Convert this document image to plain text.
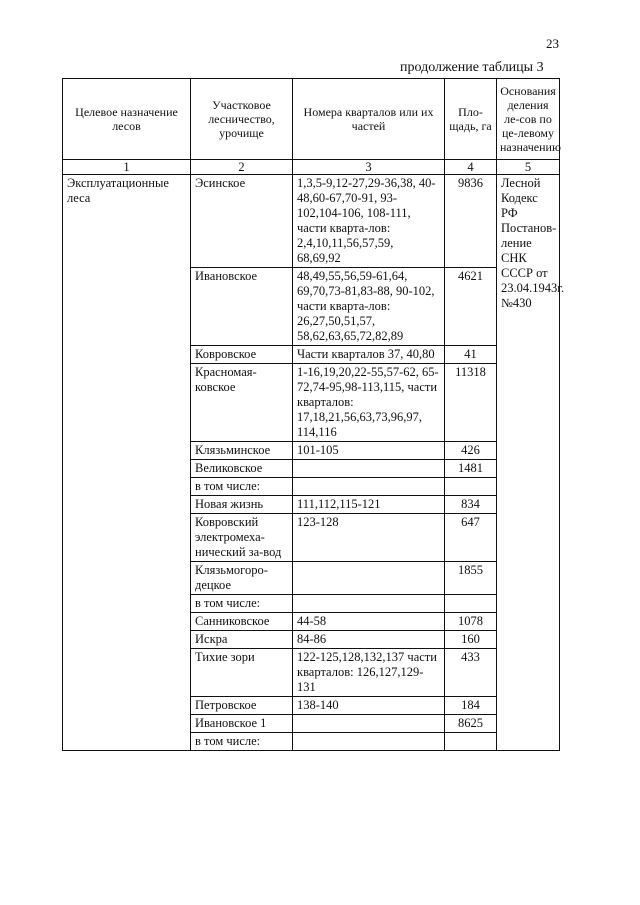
23
продолжение таблицы 3
Целевое назначение лесов	Участковое лесничество, урочище	Номера кварталов или их частей	Пло-щадь, га	Основания деления ле-сов по це-левому назначению
1	2	3	4	5
Эксплуатационные леса	Эсинское	1,3,5-9,12-27,29-36,38, 40-48,60-67,70-91, 93-102,104-106, 108-111, части кварта-лов: 2,4,10,11,56,57,59, 68,69,92	9836	Лесной Кодекс РФ Постанов-ление СНК СССР от 23.04.1943г. №430
	Ивановское	48,49,55,56,59-61,64, 69,70,73-81,83-88, 90-102, части кварта-лов: 26,27,50,51,57, 58,62,63,65,72,82,89	4621	
	Ковровское	Части кварталов 37, 40,80	41	
	Красномая-ковское	1-16,19,20,22-55,57-62, 65-72,74-95,98-113,115, части кварталов: 17,18,21,56,63,73,96,97, 114,116	11318	
	Клязьминское	101-105	426	
	Великовское		1481	
	в том числе:			
	Новая жизнь	111,112,115-121	834	
	Ковровский электромеха-нический за-вод	123-128	647	
	Клязьмогоро-децкое		1855	
	в том числе:			
	Санниковское	44-58	1078	
	Искра	84-86	160	
	Тихие зори	122-125,128,132,137 части кварталов: 126,127,129-131	433	
	Петровское	138-140	184	
	Ивановское 1		8625	
	в том числе:			
